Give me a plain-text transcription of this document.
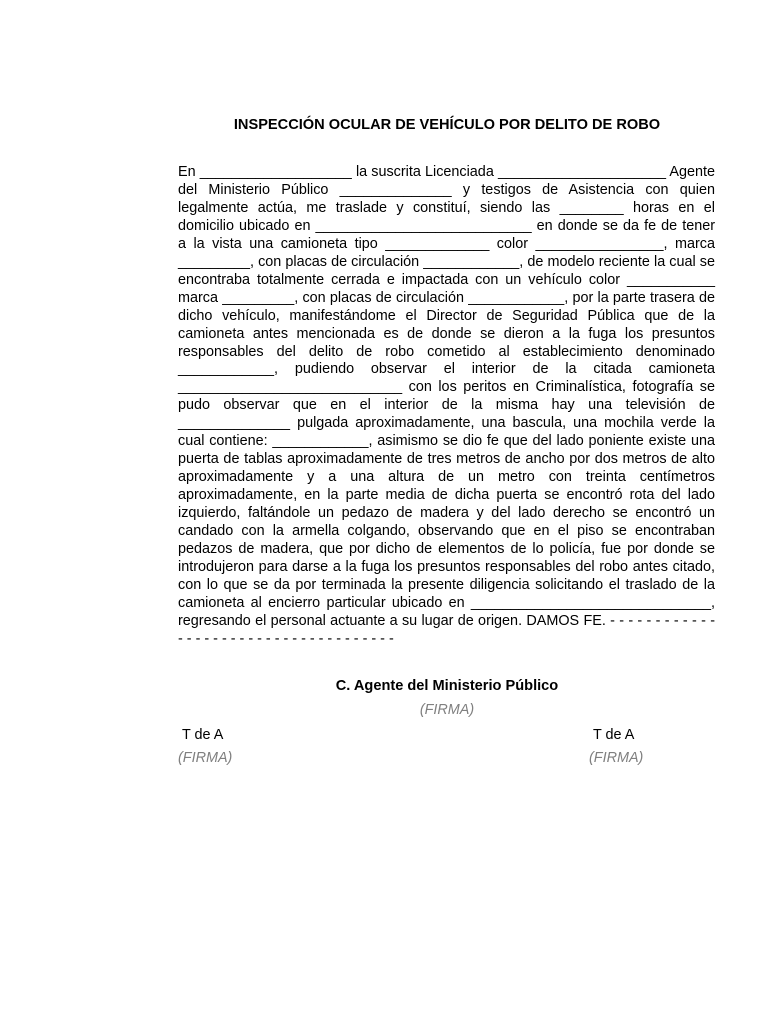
INSPECCIÓN OCULAR DE VEHÍCULO POR DELITO DE ROBO

En ___________________ la suscrita Licenciada _____________________ Agente del Ministerio Público ______________ y testigos de Asistencia con quien legalmente actúa, me traslade y constituí, siendo las ________ horas en el domicilio ubicado en ___________________________ en donde se da fe de tener a la vista una camioneta tipo _____________ color ________________, marca _________, con placas de circulación ____________, de modelo reciente la cual se encontraba totalmente cerrada e impactada con un vehículo color ___________ marca _________, con placas de circulación ____________, por la parte trasera de dicho vehículo, manifestándome el Director de Seguridad Pública que de la camioneta antes mencionada es de donde se dieron a la fuga los presuntos responsables del delito de robo cometido al establecimiento denominado ____________, pudiendo observar el interior de la citada camioneta ____________________________ con los peritos en Criminalística, fotografía se pudo observar que en el interior de la misma hay una televisión de ______________ pulgada aproximadamente, una bascula, una mochila verde la cual contiene: ____________, asimismo se dio fe que del lado poniente existe una puerta de tablas aproximadamente de tres metros de ancho por dos metros de alto aproximadamente y a una altura de un metro con treinta centímetros aproximadamente, en la parte media de dicha puerta se encontró rota del lado izquierdo, faltándole un pedazo de madera y del lado derecho se encontró un candado con la armella colgando, observando que en el piso se encontraban pedazos de madera, que por dicho de elementos de lo policía, fue por donde se introdujeron para darse a la fuga los presuntos responsables del robo antes citado, con lo que se da por terminada la presente diligencia solicitando el traslado de la camioneta al encierro particular ubicado en ______________________________, regresando el personal actuante a su lugar de origen. DAMOS FE. - - - - - - - - - - - - - - - - - - - - - - - - - - - - - - - - - - - - -

C. Agente del Ministerio Público
(FIRMA)
T de A	T de A
(FIRMA)	(FIRMA)
